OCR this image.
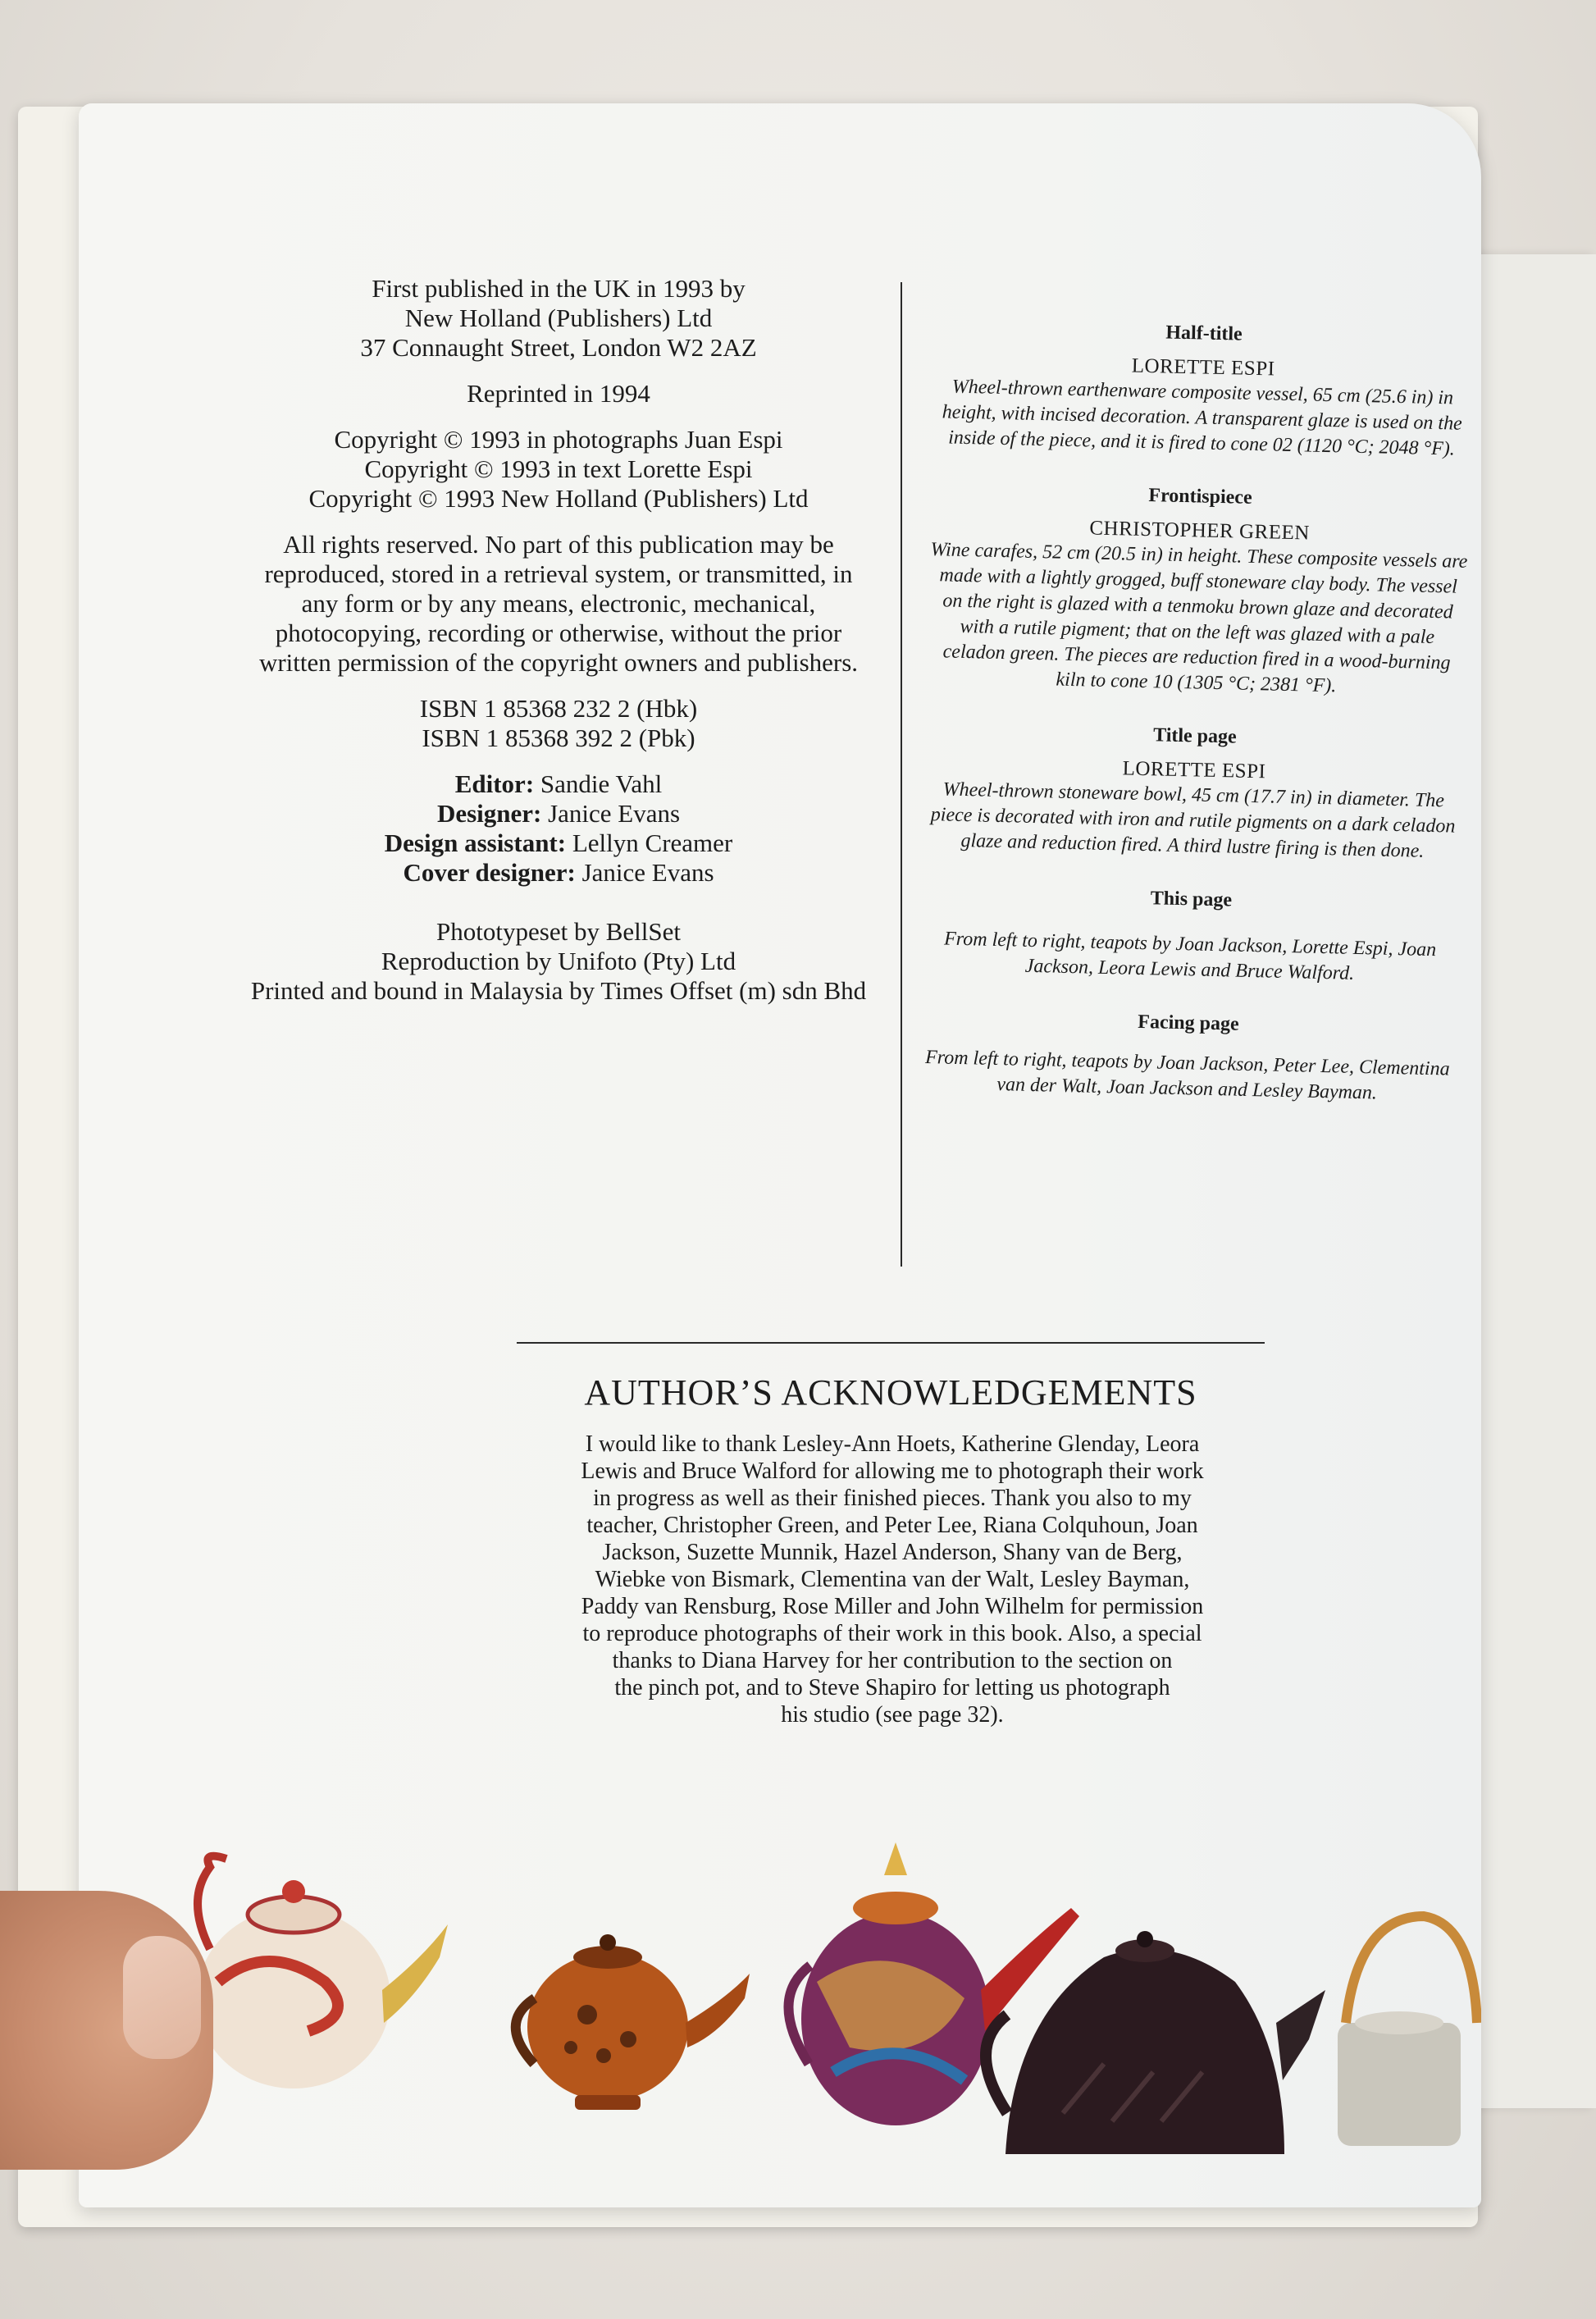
First published in the UK in 1993 by

New Holland (Publishers) Ltd

37 Connaught Street, London W2 2AZ

Reprinted in 1994

Copyright © 1993 in photographs Juan Espi

Copyright © 1993 in text Lorette Espi

Copyright © 1993 New Holland (Publishers) Ltd

All rights reserved. No part of this publication may be

reproduced, stored in a retrieval system, or transmitted, in

any form or by any means, electronic, mechanical,

photocopying, recording or otherwise, without the prior

written permission of the copyright owners and publishers.

ISBN 1 85368 232 2 (Hbk)

ISBN 1 85368 392 2 (Pbk)

Editor: Sandie Vahl

Designer: Janice Evans

Design assistant: Lellyn Creamer

Cover designer: Janice Evans

Phototypeset by BellSet

Reproduction by Unifoto (Pty) Ltd

Printed and bound in Malaysia by Times Offset (m) sdn Bhd

Half-title

LORETTE ESPI

Wheel-thrown earthenware composite vessel, 65 cm (25.6 in) in
height, with incised decoration. A transparent glaze is used on the
inside of the piece, and it is fired to cone 02 (1120 °C; 2048 °F).

Frontispiece

CHRISTOPHER GREEN

Wine carafes, 52 cm (20.5 in) in height. These composite vessels are
made with a lightly grogged, buff stoneware clay body. The vessel
on the right is glazed with a tenmoku brown glaze and decorated
with a rutile pigment; that on the left was glazed with a pale
celadon green. The pieces are reduction fired in a wood-burning
kiln to cone 10 (1305 °C; 2381 °F).

Title page

LORETTE ESPI

Wheel-thrown stoneware bowl, 45 cm (17.7 in) in diameter. The
piece is decorated with iron and rutile pigments on a dark celadon
glaze and reduction fired. A third lustre firing is then done.

This page

From left to right, teapots by Joan Jackson, Lorette Espi, Joan
Jackson, Leora Lewis and Bruce Walford.

Facing page

From left to right, teapots by Joan Jackson, Peter Lee, Clementina
van der Walt, Joan Jackson and Lesley Bayman.

AUTHOR’S ACKNOWLEDGEMENTS

I would like to thank Lesley-Ann Hoets, Katherine Glenday, Leora
Lewis and Bruce Walford for allowing me to photograph their work
in progress as well as their finished pieces. Thank you also to my
teacher, Christopher Green, and Peter Lee, Riana Colquhoun, Joan
Jackson, Suzette Munnik, Hazel Anderson, Shany van de Berg,
Wiebke von Bismark, Clementina van der Walt, Lesley Bayman,
Paddy van Rensburg, Rose Miller and John Wilhelm for permission
to reproduce photographs of their work in this book. Also, a special
thanks to Diana Harvey for her contribution to the section on
the pinch pot, and to Steve Shapiro for letting us photograph
his studio (see page 32).
